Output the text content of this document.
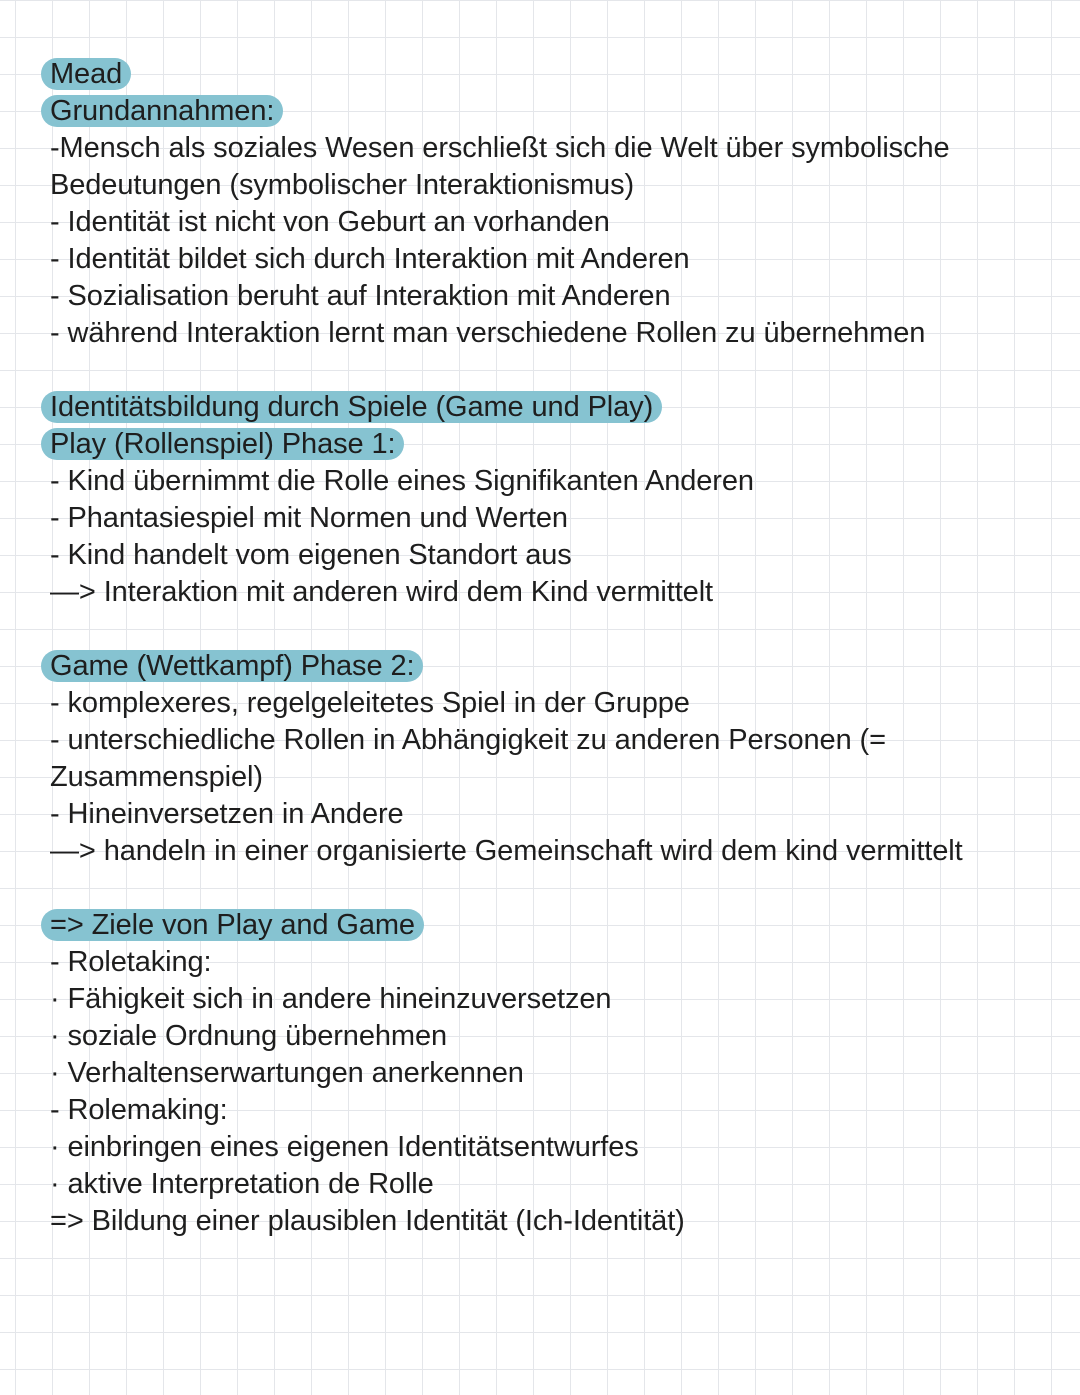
Mead
Grundannahmen:
-Mensch als soziales Wesen erschließt sich die Welt über symbolische
Bedeutungen (symbolischer Interaktionismus)
- Identität ist nicht von Geburt an vorhanden
- Identität bildet sich durch Interaktion mit Anderen
- Sozialisation beruht auf Interaktion mit Anderen
- während Interaktion lernt man verschiedene Rollen zu übernehmen
Identitätsbildung durch Spiele (Game und Play)
Play (Rollenspiel) Phase 1:
- Kind übernimmt die Rolle eines Signifikanten Anderen
- Phantasiespiel mit Normen und Werten
- Kind handelt vom eigenen Standort aus
—> Interaktion mit anderen wird dem Kind vermittelt
Game (Wettkampf) Phase 2:
- komplexeres, regelgeleitetes Spiel in der Gruppe
- unterschiedliche Rollen in Abhängigkeit zu anderen Personen (=
Zusammenspiel)
- Hineinversetzen in Andere
—> handeln in einer organisierte Gemeinschaft wird dem kind vermittelt
=> Ziele von Play and Game
- Roletaking:
· Fähigkeit sich in andere hineinzuversetzen
· soziale Ordnung übernehmen
· Verhaltenserwartungen anerkennen
- Rolemaking:
· einbringen eines eigenen Identitätsentwurfes
· aktive Interpretation de Rolle
=> Bildung einer plausiblen Identität (Ich-Identität)
